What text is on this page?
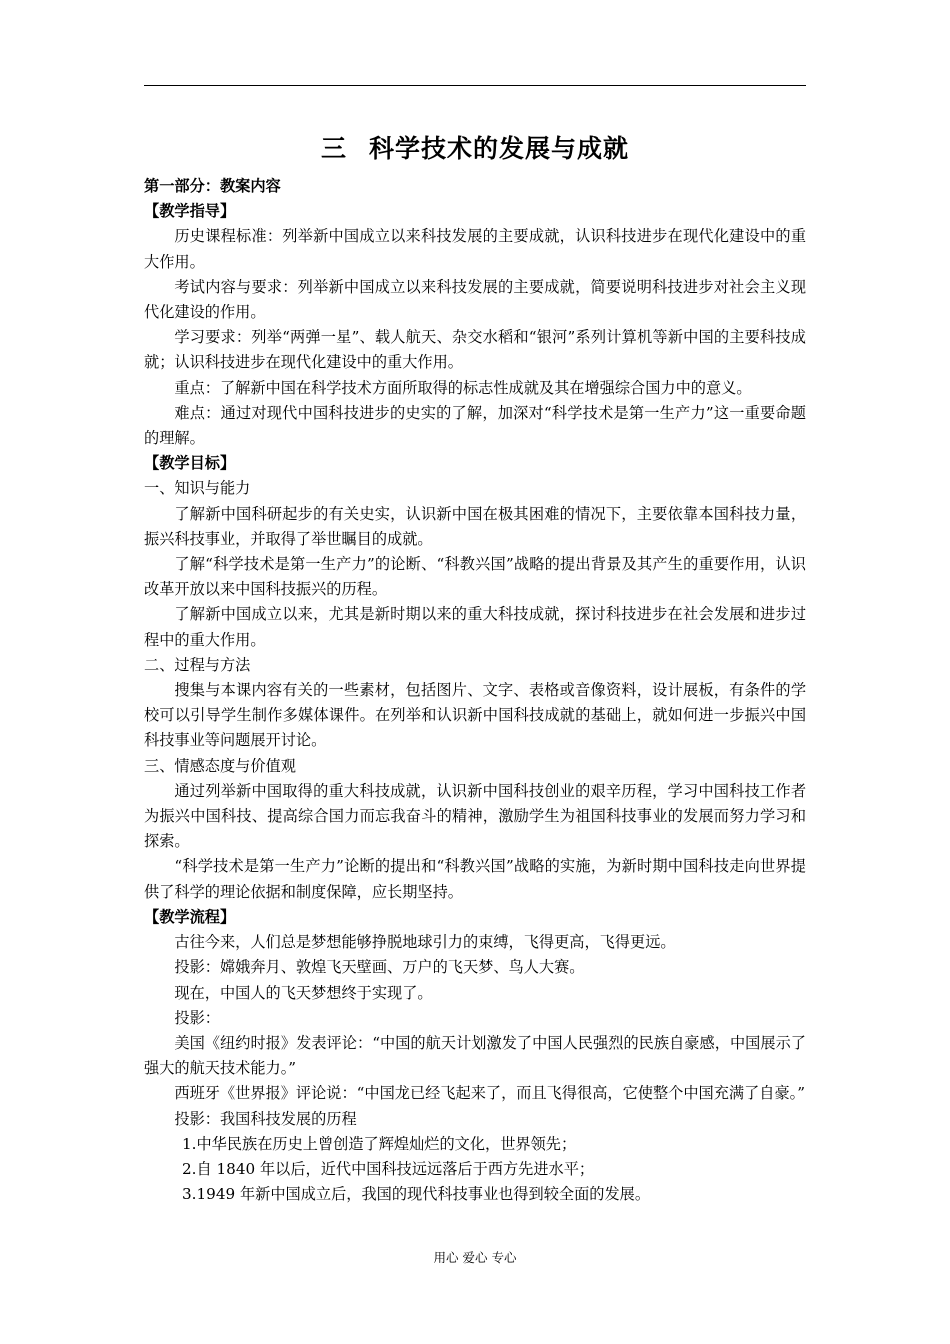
三 科学技术的发展与成就

第一部分：教案内容

【教学指导】

历史课程标准：列举新中国成立以来科技发展的主要成就，认识科技进步在现代化建设中的重大作用。

考试内容与要求：列举新中国成立以来科技发展的主要成就，简要说明科技进步对社会主义现代化建设的作用。

学习要求：列举“两弹一星”、载人航天、杂交水稻和“银河”系列计算机等新中国的主要科技成就；认识科技进步在现代化建设中的重大作用。

重点：了解新中国在科学技术方面所取得的标志性成就及其在增强综合国力中的意义。

难点：通过对现代中国科技进步的史实的了解，加深对“科学技术是第一生产力”这一重要命题的理解。

【教学目标】

一、知识与能力

了解新中国科研起步的有关史实，认识新中国在极其困难的情况下，主要依靠本国科技力量，振兴科技事业，并取得了举世瞩目的成就。

了解“科学技术是第一生产力”的论断、“科教兴国”战略的提出背景及其产生的重要作用，认识改革开放以来中国科技振兴的历程。

了解新中国成立以来，尤其是新时期以来的重大科技成就，探讨科技进步在社会发展和进步过程中的重大作用。

二、过程与方法

搜集与本课内容有关的一些素材，包括图片、文字、表格或音像资料，设计展板，有条件的学校可以引导学生制作多媒体课件。在列举和认识新中国科技成就的基础上，就如何进一步振兴中国科技事业等问题展开讨论。

三、情感态度与价值观

通过列举新中国取得的重大科技成就，认识新中国科技创业的艰辛历程，学习中国科技工作者为振兴中国科技、提高综合国力而忘我奋斗的精神，激励学生为祖国科技事业的发展而努力学习和探索。

“科学技术是第一生产力”论断的提出和“科教兴国”战略的实施，为新时期中国科技走向世界提供了科学的理论依据和制度保障，应长期坚持。

【教学流程】

古往今来，人们总是梦想能够挣脱地球引力的束缚，飞得更高，飞得更远。

投影：嫦娥奔月、敦煌飞天壁画、万户的飞天梦、鸟人大赛。

现在，中国人的飞天梦想终于实现了。

投影：

美国《纽约时报》发表评论：“中国的航天计划激发了中国人民强烈的民族自豪感，中国展示了强大的航天技术能力。”

西班牙《世界报》评论说：“中国龙已经飞起来了，而且飞得很高，它使整个中国充满了自豪。”

投影：我国科技发展的历程

1.中华民族在历史上曾创造了辉煌灿烂的文化，世界领先；

2.自 1840 年以后，近代中国科技远远落后于西方先进水平；

3.1949 年新中国成立后，我国的现代科技事业也得到较全面的发展。

用心 爱心 专心
